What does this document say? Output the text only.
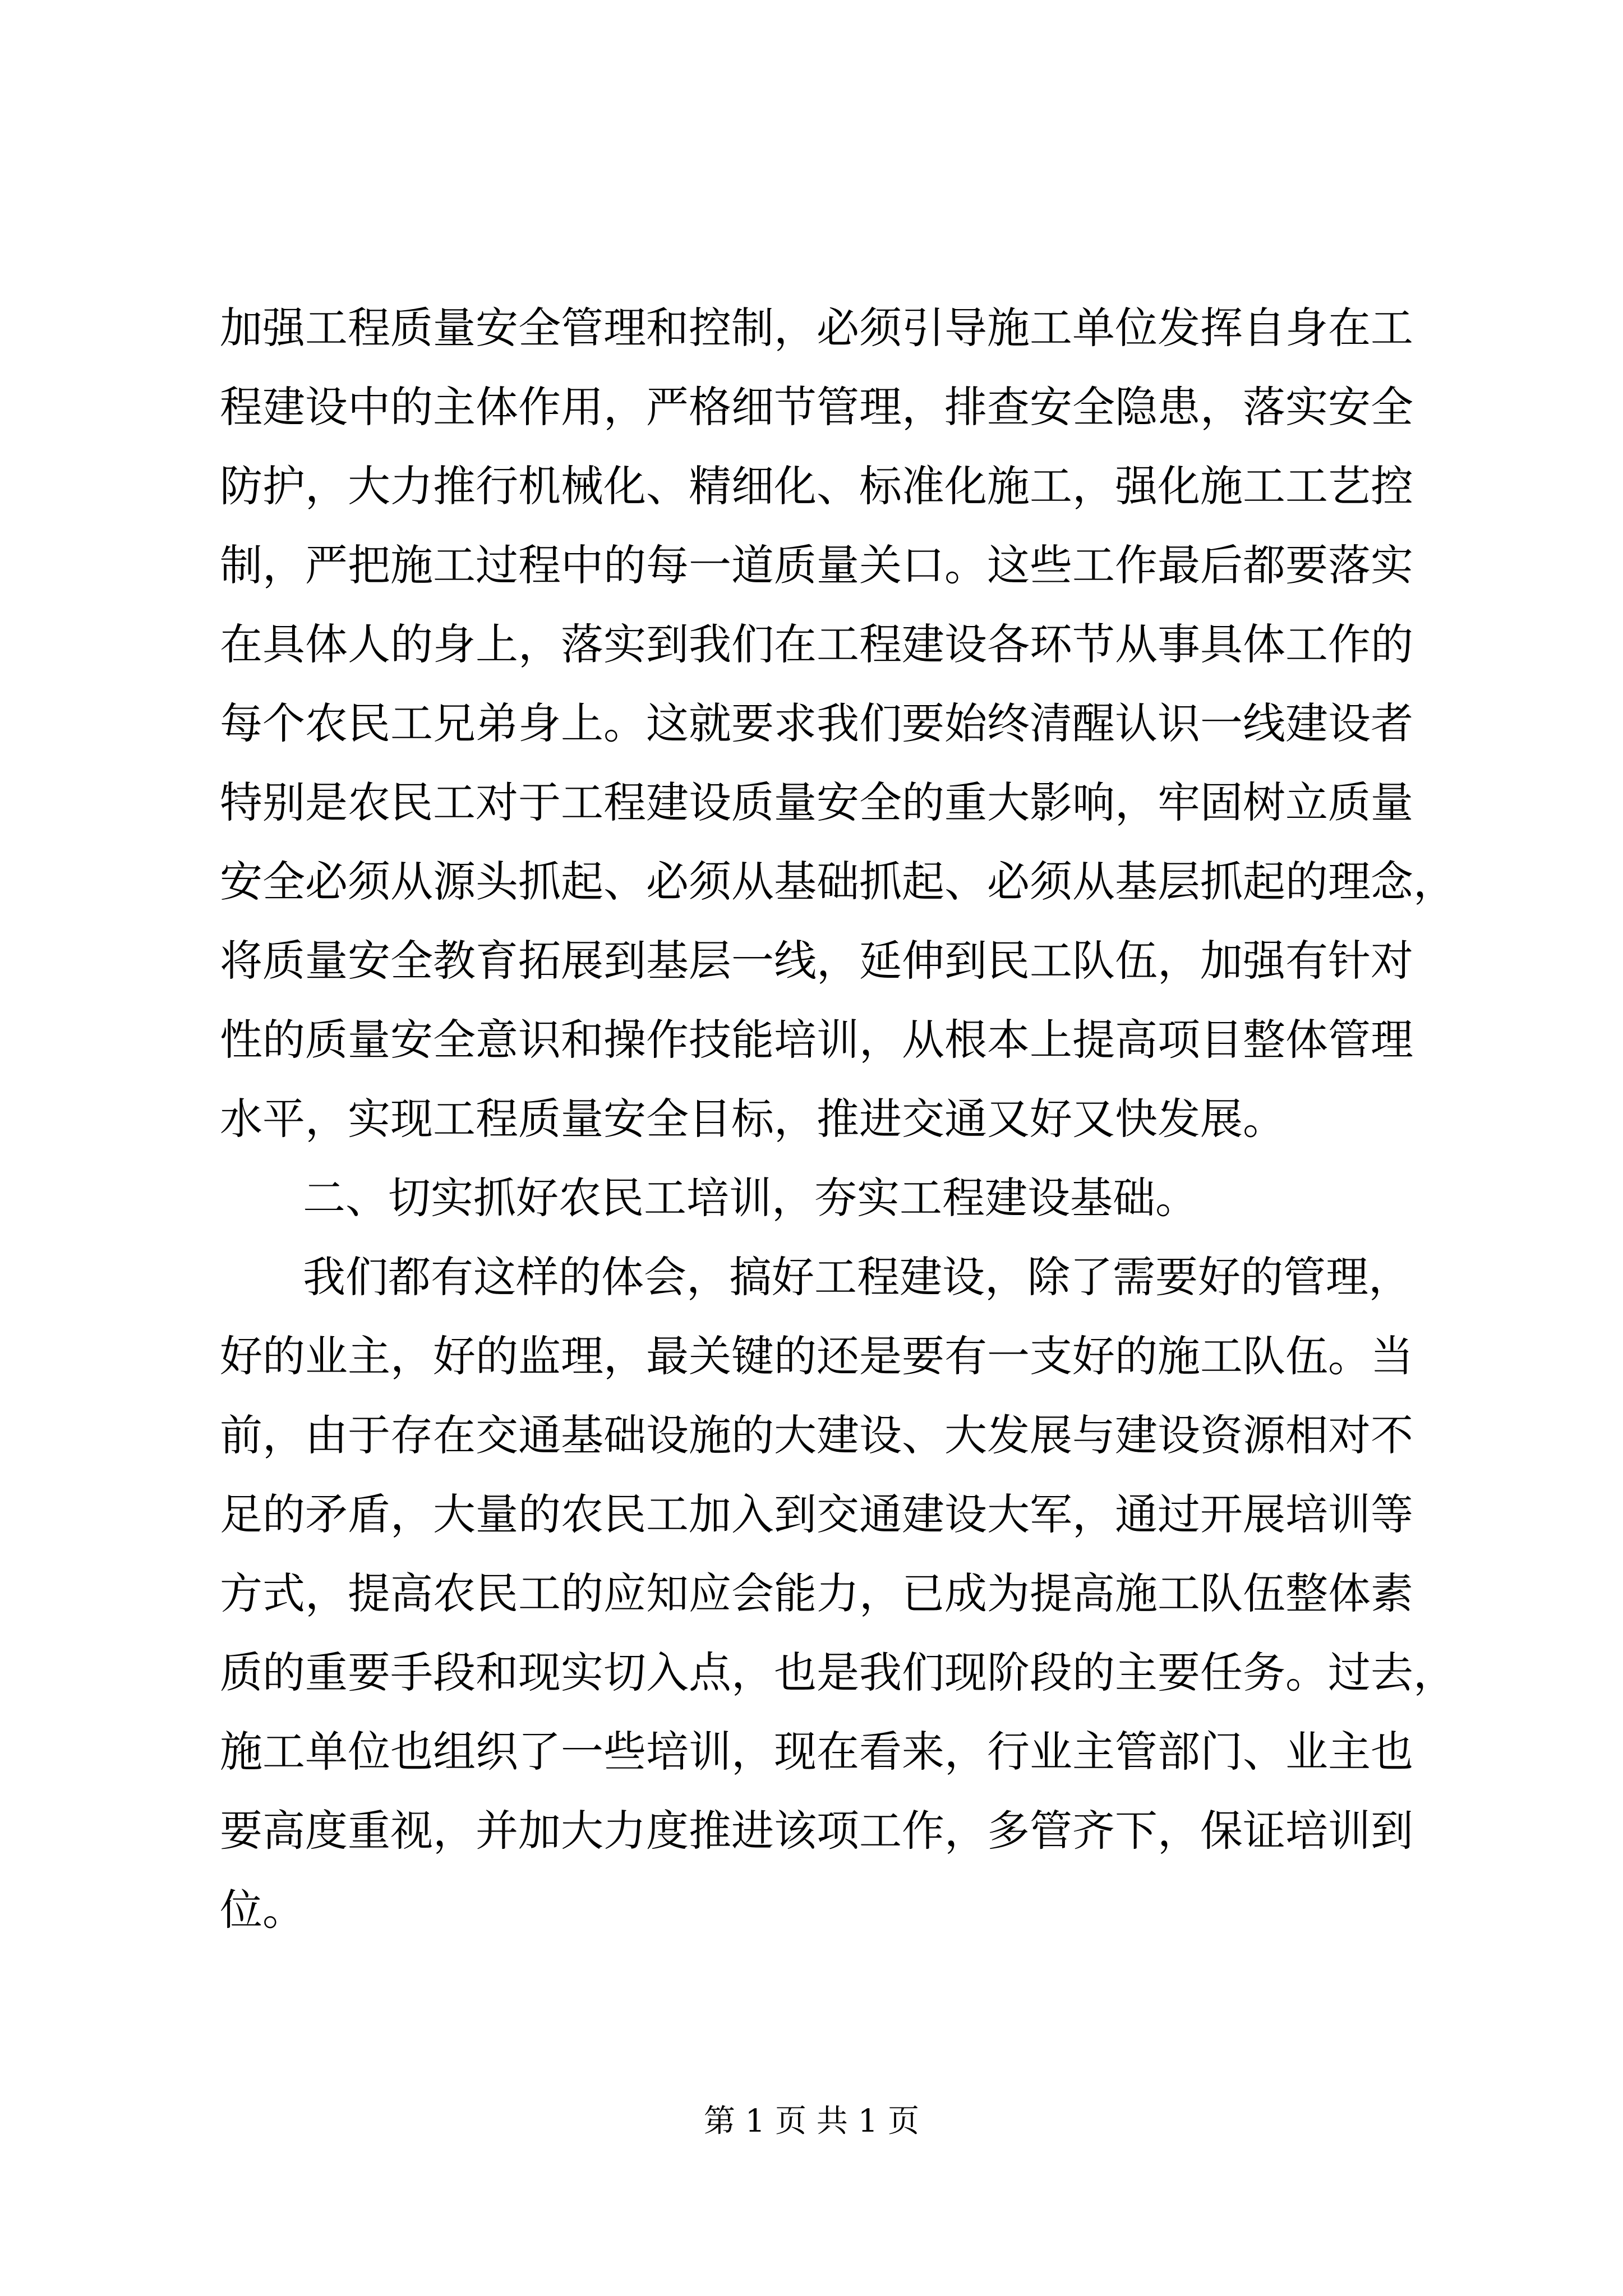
加强工程质量安全管理和控制，必须引导施工单位发挥自身在工
程建设中的主体作用，严格细节管理，排查安全隐患，落实安全
防护，大力推行机械化、精细化、标准化施工，强化施工工艺控
制，严把施工过程中的每一道质量关口。这些工作最后都要落实
在具体人的身上，落实到我们在工程建设各环节从事具体工作的
每个农民工兄弟身上。这就要求我们要始终清醒认识一线建设者
特别是农民工对于工程建设质量安全的重大影响，牢固树立质量
安全必须从源头抓起、必须从基础抓起、必须从基层抓起的理念，
将质量安全教育拓展到基层一线，延伸到民工队伍，加强有针对
性的质量安全意识和操作技能培训，从根本上提高项目整体管理
水平，实现工程质量安全目标，推进交通又好又快发展。
二、切实抓好农民工培训，夯实工程建设基础。
我们都有这样的体会，搞好工程建设，除了需要好的管理，
好的业主，好的监理，最关键的还是要有一支好的施工队伍。当
前，由于存在交通基础设施的大建设、大发展与建设资源相对不
足的矛盾，大量的农民工加入到交通建设大军，通过开展培训等
方式，提高农民工的应知应会能力，已成为提高施工队伍整体素
质的重要手段和现实切入点，也是我们现阶段的主要任务。过去，
施工单位也组织了一些培训，现在看来，行业主管部门、业主也
要高度重视，并加大力度推进该项工作，多管齐下，保证培训到
位。
第 1 页 共 1 页
